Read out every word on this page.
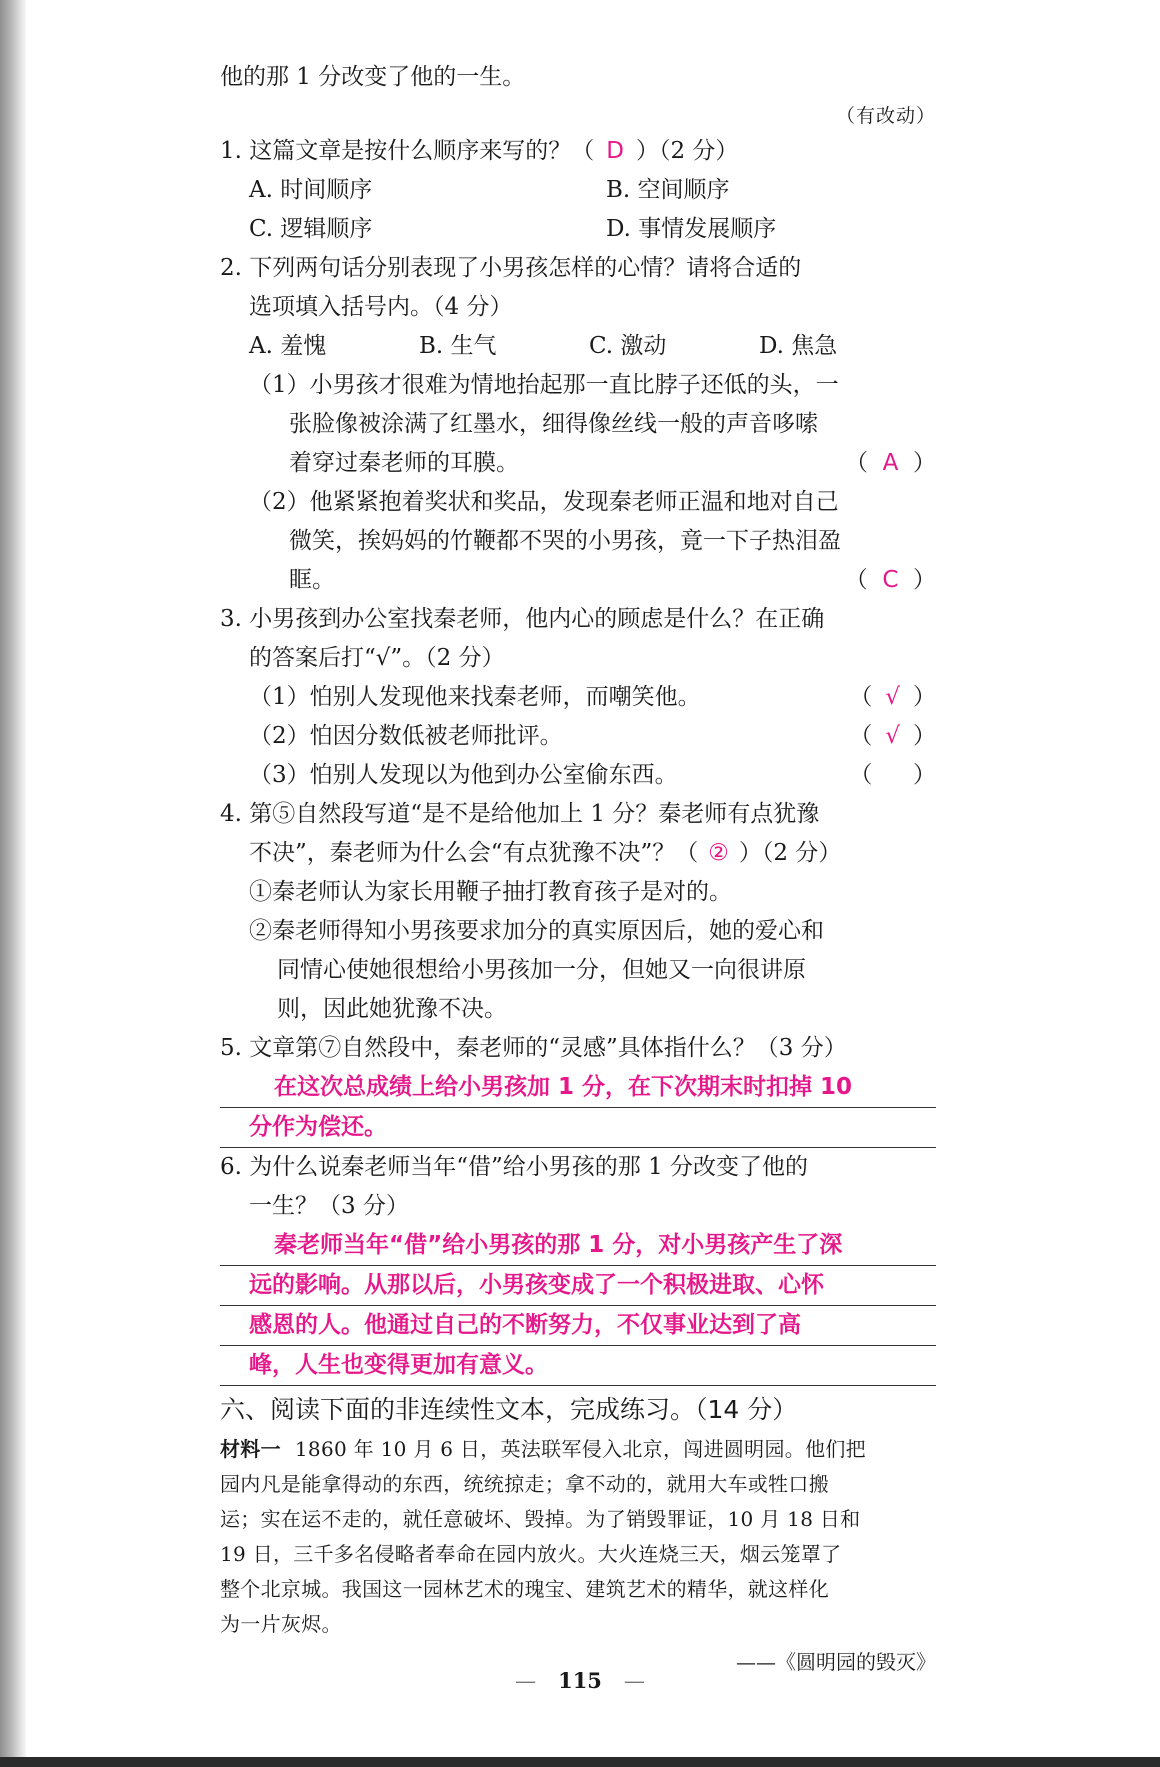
他的那 1 分改变了他的一生。
（有改动）
1. 这篇文章是按什么顺序来写的？（ D ）（2 分）
A. 时间顺序	B. 空间顺序
C. 逻辑顺序	D. 事情发展顺序
2. 下列两句话分别表现了小男孩怎样的心情？请将合适的
选项填入括号内。（4 分）
A. 羞愧	B. 生气	C. 激动	D. 焦急
（1）小男孩才很难为情地抬起那一直比脖子还低的头，一
张脸像被涂满了红墨水，细得像丝线一般的声音哆嗦
着穿过秦老师的耳膜。	（  A  ）
（2）他紧紧抱着奖状和奖品，发现秦老师正温和地对自己
微笑，挨妈妈的竹鞭都不哭的小男孩，竟一下子热泪盈
眶。	（  C  ）
3. 小男孩到办公室找秦老师，他内心的顾虑是什么？在正确
的答案后打“√”。（2 分）
（1）怕别人发现他来找秦老师，而嘲笑他。	（ √ ）
（2）怕因分数低被老师批评。	（ √ ）
（3）怕别人发现以为他到办公室偷东西。	（  ）
4. 第⑤自然段写道“是不是给他加上 1 分？秦老师有点犹豫
不决”，秦老师为什么会“有点犹豫不决”？（ ② ）（2 分）
①秦老师认为家长用鞭子抽打教育孩子是对的。
②秦老师得知小男孩要求加分的真实原因后，她的爱心和
同情心使她很想给小男孩加一分，但她又一向很讲原
则，因此她犹豫不决。
5. 文章第⑦自然段中，秦老师的“灵感”具体指什么？（3 分）
在这次总成绩上给小男孩加 1 分，在下次期末时扣掉 10
分作为偿还。
6. 为什么说秦老师当年“借”给小男孩的那 1 分改变了他的
一生？（3 分）
秦老师当年“借”给小男孩的那 1 分，对小男孩产生了深
远的影响。从那以后，小男孩变成了一个积极进取、心怀
感恩的人。他通过自己的不断努力，不仅事业达到了高
峰，人生也变得更加有意义。
六、阅读下面的非连续性文本，完成练习。（14 分）
材料一 1860 年 10 月 6 日，英法联军侵入北京，闯进圆明园。他们把
园内凡是能拿得动的东西，统统掠走；拿不动的，就用大车或牲口搬
运；实在运不走的，就任意破坏、毁掉。为了销毁罪证，10 月 18 日和
19 日，三千多名侵略者奉命在园内放火。大火连烧三天，烟云笼罩了
整个北京城。我国这一园林艺术的瑰宝、建筑艺术的精华，就这样化
为一片灰烬。
——《圆明园的毁灭》
— 115 —
